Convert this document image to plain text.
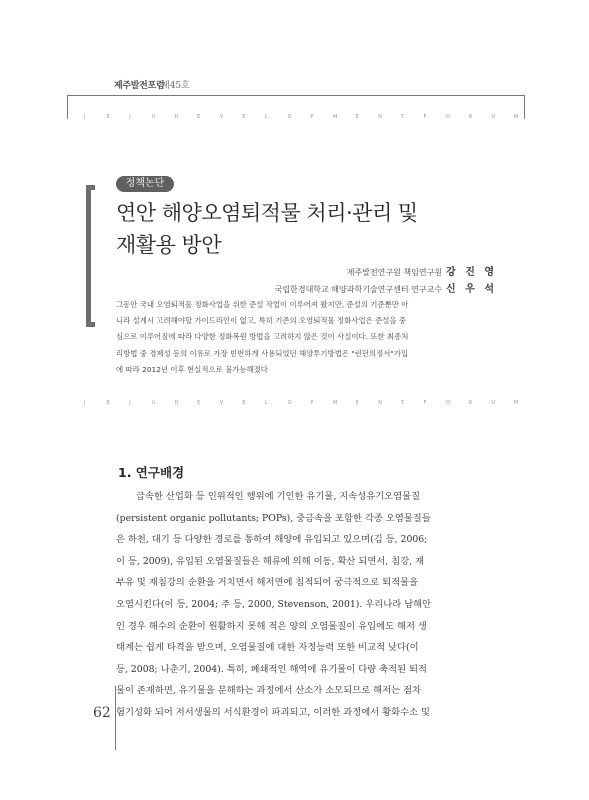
제주발전포럼
제45호
J	E	J	U	D	E	V	E	L	O	P	M	E	N	T	F	O	R	U	M
정책논단
연안 해양오염퇴적물 처리·관리 및
재활용 방안
제주발전연구원 책임연구원 강 진 영
국립한경대학교 해양과학기술연구센터 연구교수 신 우 석
그동안 국내 오염퇴적물 정화사업을 위한 준설 작업이 이루어져 왔지만, 준설의 기준뿐만 아
니라 설계시 고려해야할 가이드라인이 없고, 특히 기존의 오염퇴적물 정화사업은 준설을 중
심으로 이루어짐에 따라 다양한 정화복원 방법을 고려하지 않은 것이 사실이다. 또한 최종처
리방법 중 경제성 등의 이유로 가장 빈번하게 사용되었던 해양투기방법은 "런던의정서"가입
에 따라 2012년 이후 현실적으로 불가능해졌다
J	E	J	U	D	E	V	E	L	O	P	M	E	N	T	F	O	R	U	M
1. 연구배경
급속한 산업화 등 인위적인 행위에 기인한 유기물, 지속성유기오염물질
(persistent organic pollutants; POPs), 중금속을 포함한 각종 오염물질들
은 하천, 대기 등 다양한 경로를 통하여 해양에 유입되고 있으며(김 등, 2006;
이 등, 2009), 유입된 오염물질들은 해류에 의해 이동, 확산 되면서, 침강, 재
부유 및 재침강의 순환을 거치면서 해저면에 침적되어 궁극적으로 퇴적물을
오염시킨다(이 등, 2004; 주 등, 2000, Stevenson, 2001). 우리나라 남해안
인 경우 해수의 순환이 원활하지 못해 적은 양의 오염물질이 유입에도 해저 생
태계는 쉽게 타격을 받으며, 오염물질에 대한 자정능력 또한 비교적 낮다(이
등, 2008; 나춘기, 2004). 특히, 폐쇄적인 해역에 유기물이 다량 축적된 퇴적
물이 존재하면, 유기물을 분해하는 과정에서 산소가 소모되므로 해저는 점차
혐기성화 되어 저서생물의 서식환경이 파괴되고, 이러한 과정에서 황화수소 및
62
